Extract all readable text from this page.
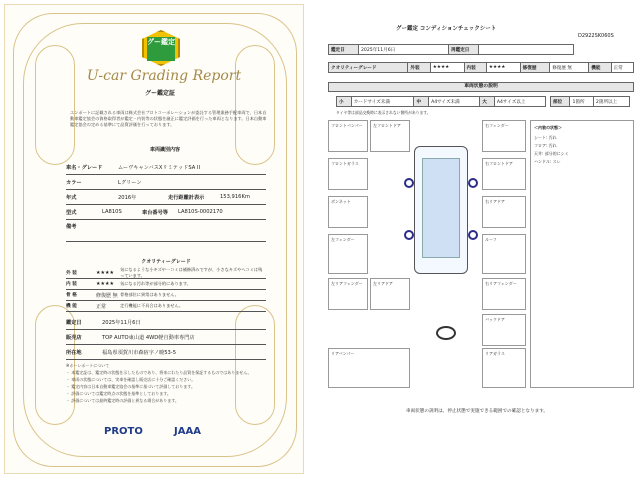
グー鑑定
U-car Grading Report
グー鑑定証
エンポートに記載される車両は株式会社プロトコーポレーションが委託する管理業務手配車両で、日本自動車鑑定協会の資格取得者が鑑定・内装等の状態を厳正に鑑定評価を行った車両となります。日本自動車鑑定協会の定める基準にて品質評価を行っております。
車両識別内容
車名・グレード	ムーヴキャンバスXリミテッドSA II
カラー	Lグリーン
年式	2016年	走行距離計表示	153,916Km
型式	LA810S	車台番号等	LA810S-0002170
備考
クオリティーグレード
外 装	★★★★
気になるような小キズや一コミは補修済みですが、小さなキズやヘコミは残っています。
内 装	★★★★	気になる汚れ等が部分的にあります。
骨 格	修復歴 無 骨格部位に異常はありません。
機 能	正常	走行機能に不具合はありません。
鑑定日	2025年11月6日
販売店	TOP AUTO東山道 4WD軽自動車専門店
所在地	福島県須賀川市森宿字ノ暁53-5
※ホーレポートについて
・ 本鑑定証は、鑑定時の状態を示したものであり、将来にわたり品質を保証するものではありません。
・ 車両の状態については、実車を確認し販売店に十分ご確認ください。
・ 鑑定内容は日本自動車鑑定協会の基準に基づいて評価しております。
・ 評価については鑑定時点の状態を基準としております。
・ 評価については最終鑑定時の評価と異なる場合があります。
PROTO	JAAA
グー鑑定 コンディションチェックシート
D2922SK060S
鑑定日	2025年11月6日	再鑑定日	
クオリティーグレード	外装	★★★★	内装	★★★★	修復歴	修復歴 無	機能	正常
車両状態の説明
小	カードサイズ未満	中	A4サイズ未満	大	A4サイズ以上	部位	1箇所	2箇所以上
タイヤ等は部品交換時に表示されない箇所があります。
フロントバンパー
フロントガラス
ボンネット
左フェンダー
左フロントドア
左リアドア
左リアフェンダー
リアバンパー
右フェンダー
右フロントドア
右リアドア
ルーフ
右リアフェンダー
バックドア
リアガラス
＜内装の状態＞
シート: 汚れ
フロア: 汚れ
天井: 部分的にシミ
ハンドル: スレ
車両状態の説明は、停止状態で実施できる範囲での確認となります。
